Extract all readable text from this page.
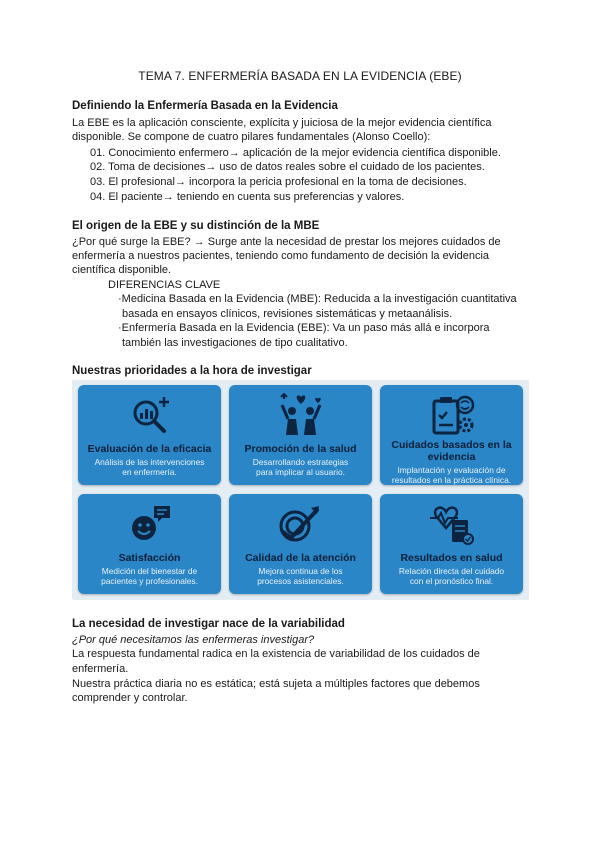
TEMA 7. ENFERMERÍA BASADA EN LA EVIDENCIA (EBE)
Definiendo la Enfermería Basada en la Evidencia
La EBE es la aplicación consciente, explícita y juiciosa de la mejor evidencia científica
disponible. Se compone de cuatro pilares fundamentales (Alonso Coello):
01. Conocimiento enfermero→ aplicación de la mejor evidencia científica disponible.
02. Toma de decisiones→ uso de datos reales sobre el cuidado de los pacientes.
03. El profesional→ incorpora la pericia profesional en la toma de decisiones.
04. El paciente→ teniendo en cuenta sus preferencias y valores.
El origen de la EBE y su distinción de la MBE
¿Por qué surge la EBE? → Surge ante la necesidad de prestar los mejores cuidados de
enfermería a nuestros pacientes, teniendo como fundamento de decisión la evidencia
científica disponible.
DIFERENCIAS CLAVE
·Medicina Basada en la Evidencia (MBE): Reducida a la investigación cuantitativa
basada en ensayos clínicos, revisiones sistemáticas y metaanálisis.
·Enfermería Basada en la Evidencia (EBE): Va un paso más allá e incorpora
también las investigaciones de tipo cualitativo.
Nuestras prioridades a la hora de investigar
Evaluación de la eficacia
Análisis de las intervenciones
en enfermería.
Promoción de la salud
Desarrollando estrategias
para implicar al usuario.
Cuidados basados en la
evidencia
Implantación y evaluación de
resultados en la práctica clínica.
Satisfacción
Medición del bienestar de
pacientes y profesionales.
Calidad de la atención
Mejora continua de los
procesos asistenciales.
Resultados en salud
Relación directa del cuidado
con el pronóstico final.
La necesidad de investigar nace de la variabilidad
¿Por qué necesitamos las enfermeras investigar?
La respuesta fundamental radica en la existencia de variabilidad de los cuidados de
enfermería.
Nuestra práctica diaria no es estática; está sujeta a múltiples factores que debemos
comprender y controlar.
